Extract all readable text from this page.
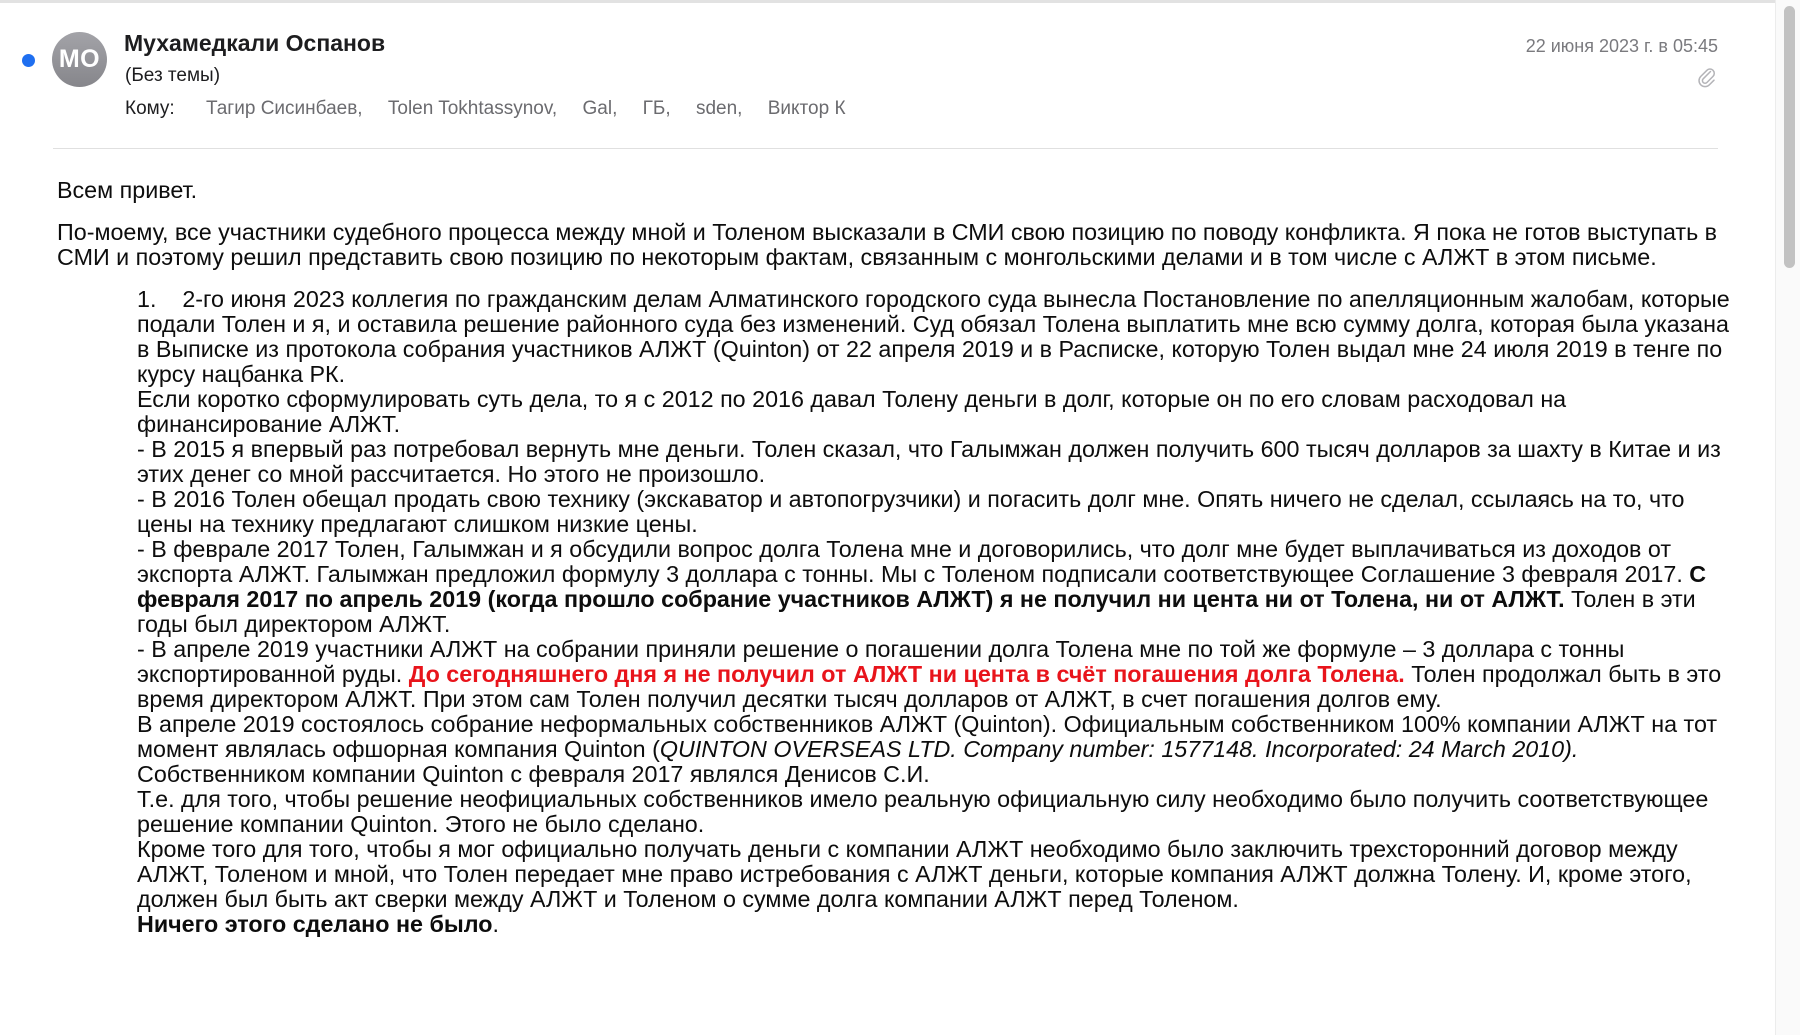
МО
Мухамедкали Оспанов
(Без темы)
Кому: Тагир Сисинбаев, Tolen Tokhtassynov, Gal, ГБ, sden, Виктор К
22 июня 2023 г. в 05:45

Всем привет.

По-моему, все участники судебного процесса между мной и Толеном высказали в СМИ свою позицию по поводу конфликта. Я пока не готов выступать в СМИ и поэтому решил представить свою позицию по некоторым фактам, связанным с монгольскими делами и в том числе с АЛЖТ в этом письме.

1.    2-го июня 2023 коллегия по гражданским делам Алматинского городского суда вынесла Постановление по апелляционным жалобам, которые подали Толен и я, и оставила решение районного суда без изменений. Суд обязал Толена выплатить мне всю сумму долга, которая была указана в Выписке из протокола собрания участников АЛЖТ (Quinton) от 22 апреля 2019 и в Расписке, которую Толен выдал мне 24 июля 2019 в тенге по курсу нацбанка РК.

Если коротко сформулировать суть дела, то я с 2012 по 2016 давал Толену деньги в долг, которые он по его словам расходовал на финансирование АЛЖТ.

- В 2015 я впервый раз потребовал вернуть мне деньги. Толен сказал, что Галымжан должен получить 600 тысяч долларов за шахту в Китае и из этих денег со мной рассчитается. Но этого не произошло.

- В 2016 Толен обещал продать свою технику (экскаватор и автопогрузчики) и погасить долг мне. Опять ничего не сделал, ссылаясь на то, что цены на технику предлагают слишком низкие цены.

- В феврале 2017 Толен, Галымжан и я обсудили вопрос долга Толена мне и договорились, что долг мне будет выплачиваться из доходов от экспорта АЛЖТ. Галымжан предложил формулу 3 доллара с тонны. Мы с Толеном подписали соответствующее Соглашение 3 февраля 2017. С февраля 2017 по апрель 2019 (когда прошло собрание участников АЛЖТ) я не получил ни цента ни от Толена, ни от АЛЖТ. Толен в эти годы был директором АЛЖТ.

- В апреле 2019 участники АЛЖТ на собрании приняли решение о погашении долга Толена мне по той же формуле – 3 доллара с тонны экспортированной руды. До сегодняшнего дня я не получил от АЛЖТ ни цента в счёт погашения долга Толена. Толен продолжал быть в это время директором АЛЖТ. При этом сам Толен получил десятки тысяч долларов от АЛЖТ, в счет погашения долгов ему.

В апреле 2019 состоялось собрание неформальных собственников АЛЖТ (Quinton). Официальным собственником 100% компании АЛЖТ на тот момент являлась офшорная компания Quinton (QUINTON OVERSEAS LTD. Company number: 1577148. Incorporated: 24 March 2010).

Собственником компании Quinton с февраля 2017 являлся Денисов С.И.

Т.е. для того, чтобы решение неофициальных собственников имело реальную официальную силу необходимо было получить соответствующее решение компании Quinton. Этого не было сделано.

Кроме того для того, чтобы я мог официально получать деньги с компании АЛЖТ необходимо было заключить трехсторонний договор между АЛЖТ, Толеном и мной, что Толен передает мне право истребования с АЛЖТ деньги, которые компания АЛЖТ должна Толену. И, кроме этого, должен был быть акт сверки между АЛЖТ и Толеном о сумме долга компании АЛЖТ перед Толеном.

Ничего этого сделано не было.
